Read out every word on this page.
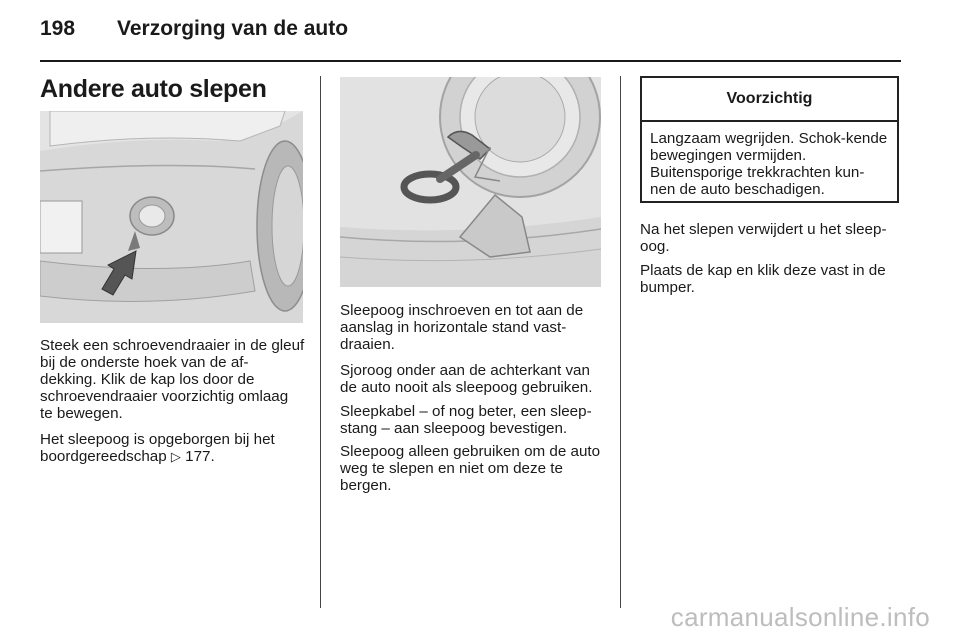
198 Verzorging van de auto
Andere auto slepen

Steek een schroevendraaier in de gleuf bij de onderste hoek van de af-dekking. Klik de kap los door de schroevendraaier voorzichtig omlaag te bewegen.

Het sleepoog is opgeborgen bij het boordgereedschap ▷ 177.

Sleepoog inschroeven en tot aan de aanslag in horizontale stand vast-draaien.

Sjoroog onder aan de achterkant van de auto nooit als sleepoog gebruiken.

Sleepkabel – of nog beter, een sleep-stang – aan sleepoog bevestigen.

Sleepoog alleen gebruiken om de auto weg te slepen en niet om deze te bergen.

Voorzichtig
Langzaam wegrijden. Schok-kende bewegingen vermijden. Buitensporige trekkrachten kun-nen de auto beschadigen.

Na het slepen verwijdert u het sleep-oog.

Plaats de kap en klik deze vast in de bumper.

carmanualsonline.info
